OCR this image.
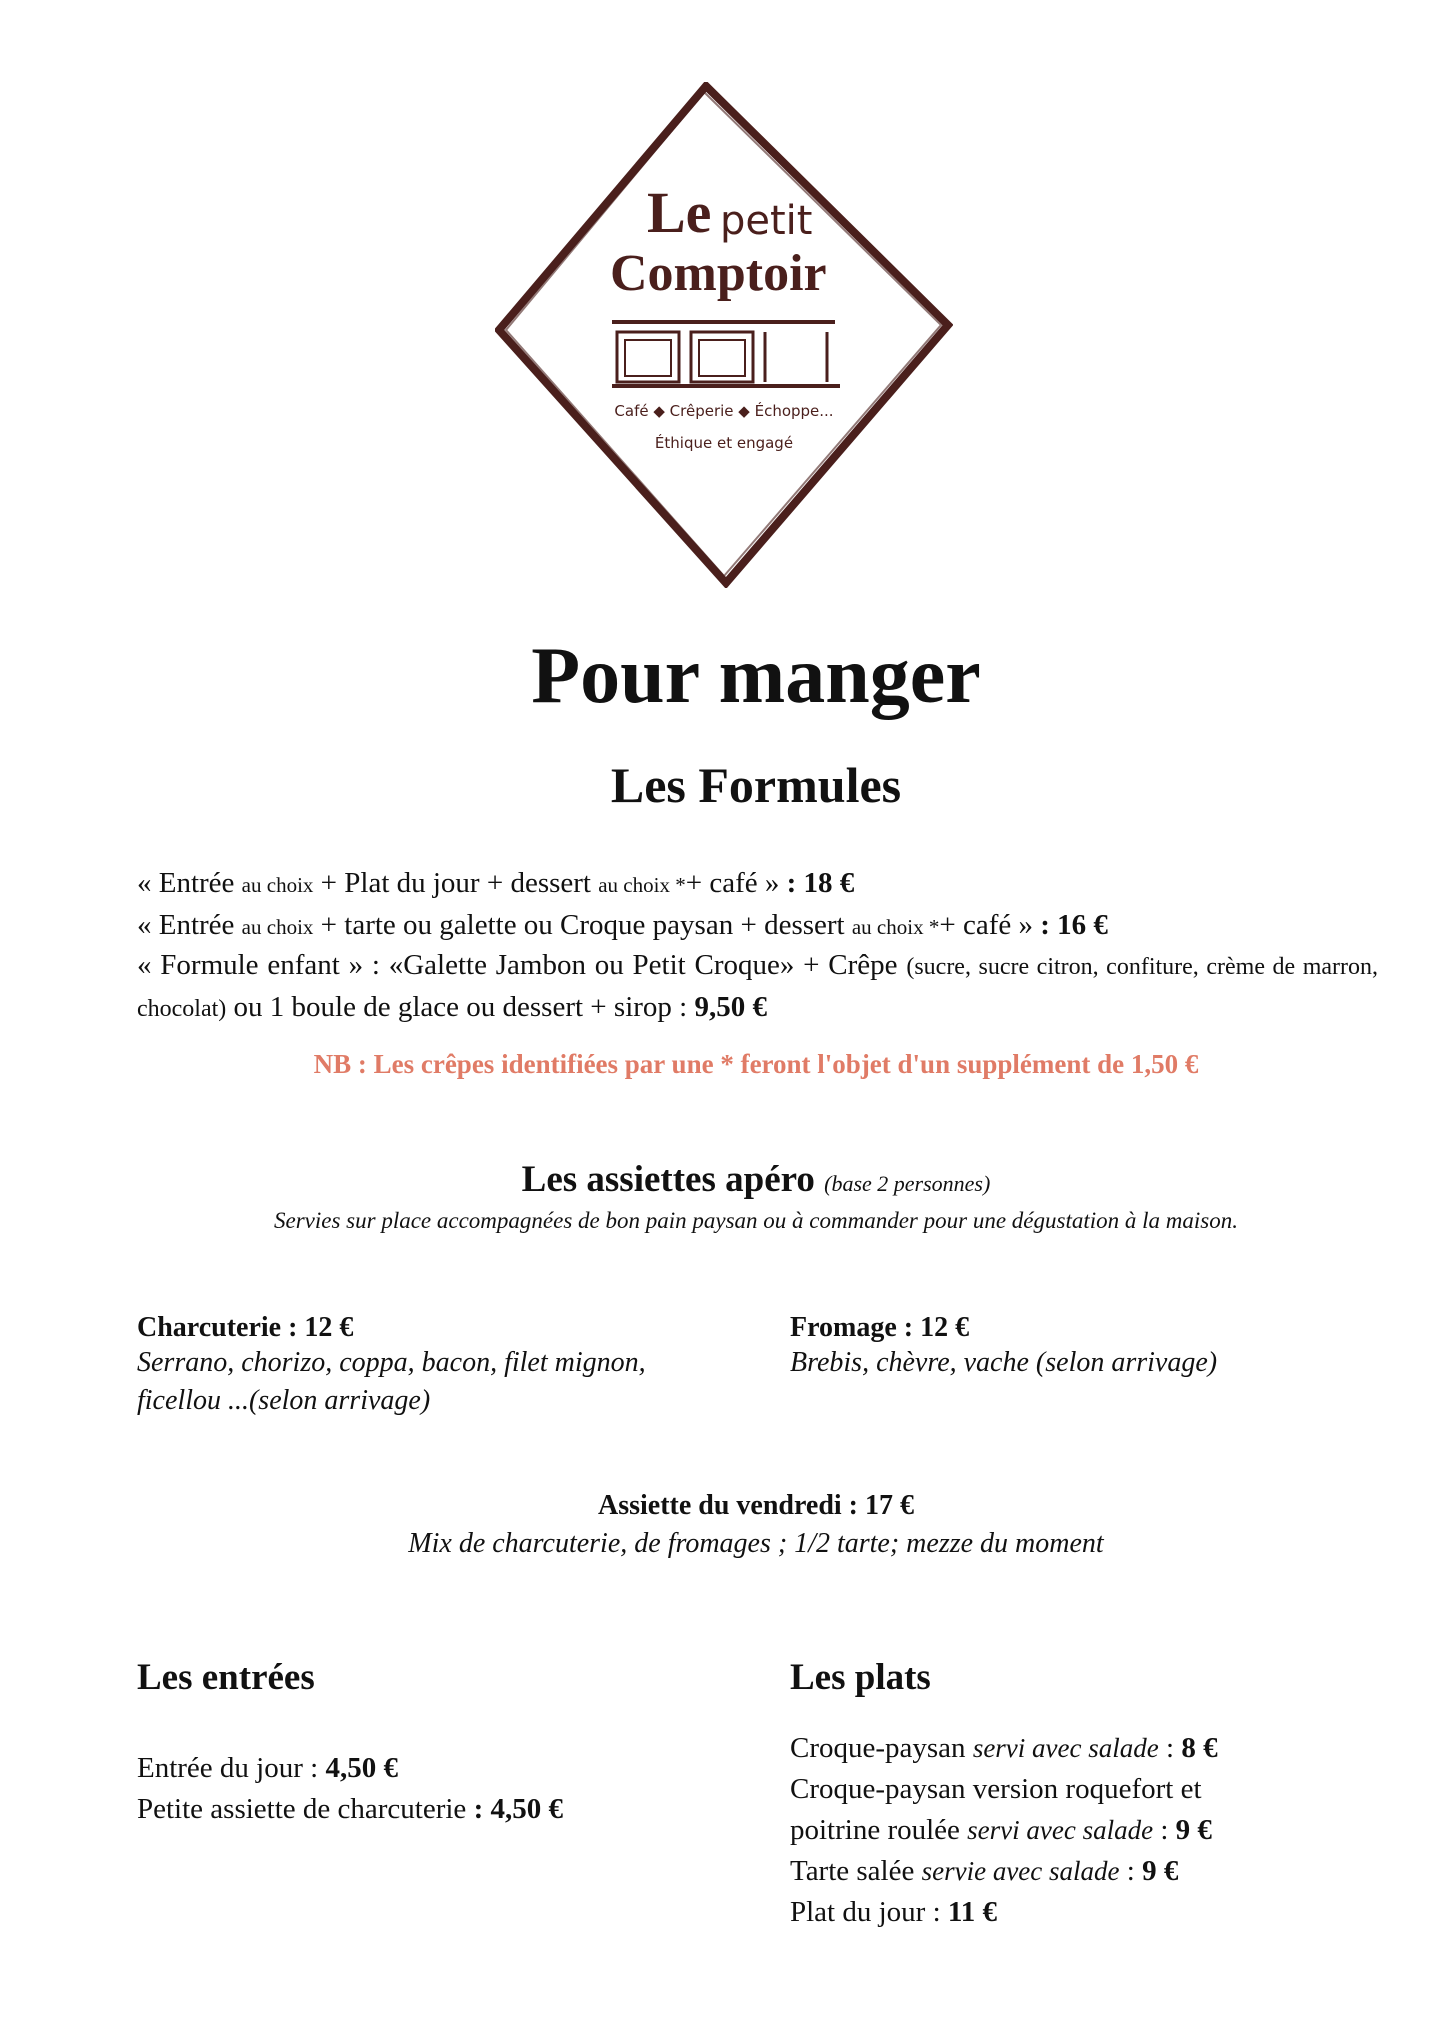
Le petit
Comptoir
Café ◆ Crêperie ◆ Échoppe...
Éthique et engagé
Pour manger
Les Formules
« Entrée au choix + Plat du jour + dessert au choix *+ café » : 18 €
« Entrée au choix + tarte ou galette ou Croque paysan + dessert au choix *+ café » : 16 €
« Formule enfant » : «Galette Jambon ou Petit Croque» + Crêpe (sucre, sucre citron, confiture, crème de marron, chocolat) ou 1 boule de glace ou dessert + sirop : 9,50 €
NB : Les crêpes identifiées par une * feront l'objet d'un supplément de 1,50 €
Les assiettes apéro (base 2 personnes)
Servies sur place accompagnées de bon pain paysan ou à commander pour une dégustation à la maison.
Charcuterie : 12 €
Serrano, chorizo, coppa, bacon, filet mignon, ficellou ...(selon arrivage)
Fromage : 12 €
Brebis, chèvre, vache (selon arrivage)
Assiette du vendredi : 17 €
Mix de charcuterie, de fromages ; 1/2 tarte; mezze du moment
Les entrées	Les plats
Entrée du jour : 4,50 €
Petite assiette de charcuterie : 4,50 €
Croque-paysan servi avec salade : 8 €
Croque-paysan version roquefort et
poitrine roulée servi avec salade : 9 €
Tarte salée servie avec salade : 9 €
Plat du jour : 11 €
